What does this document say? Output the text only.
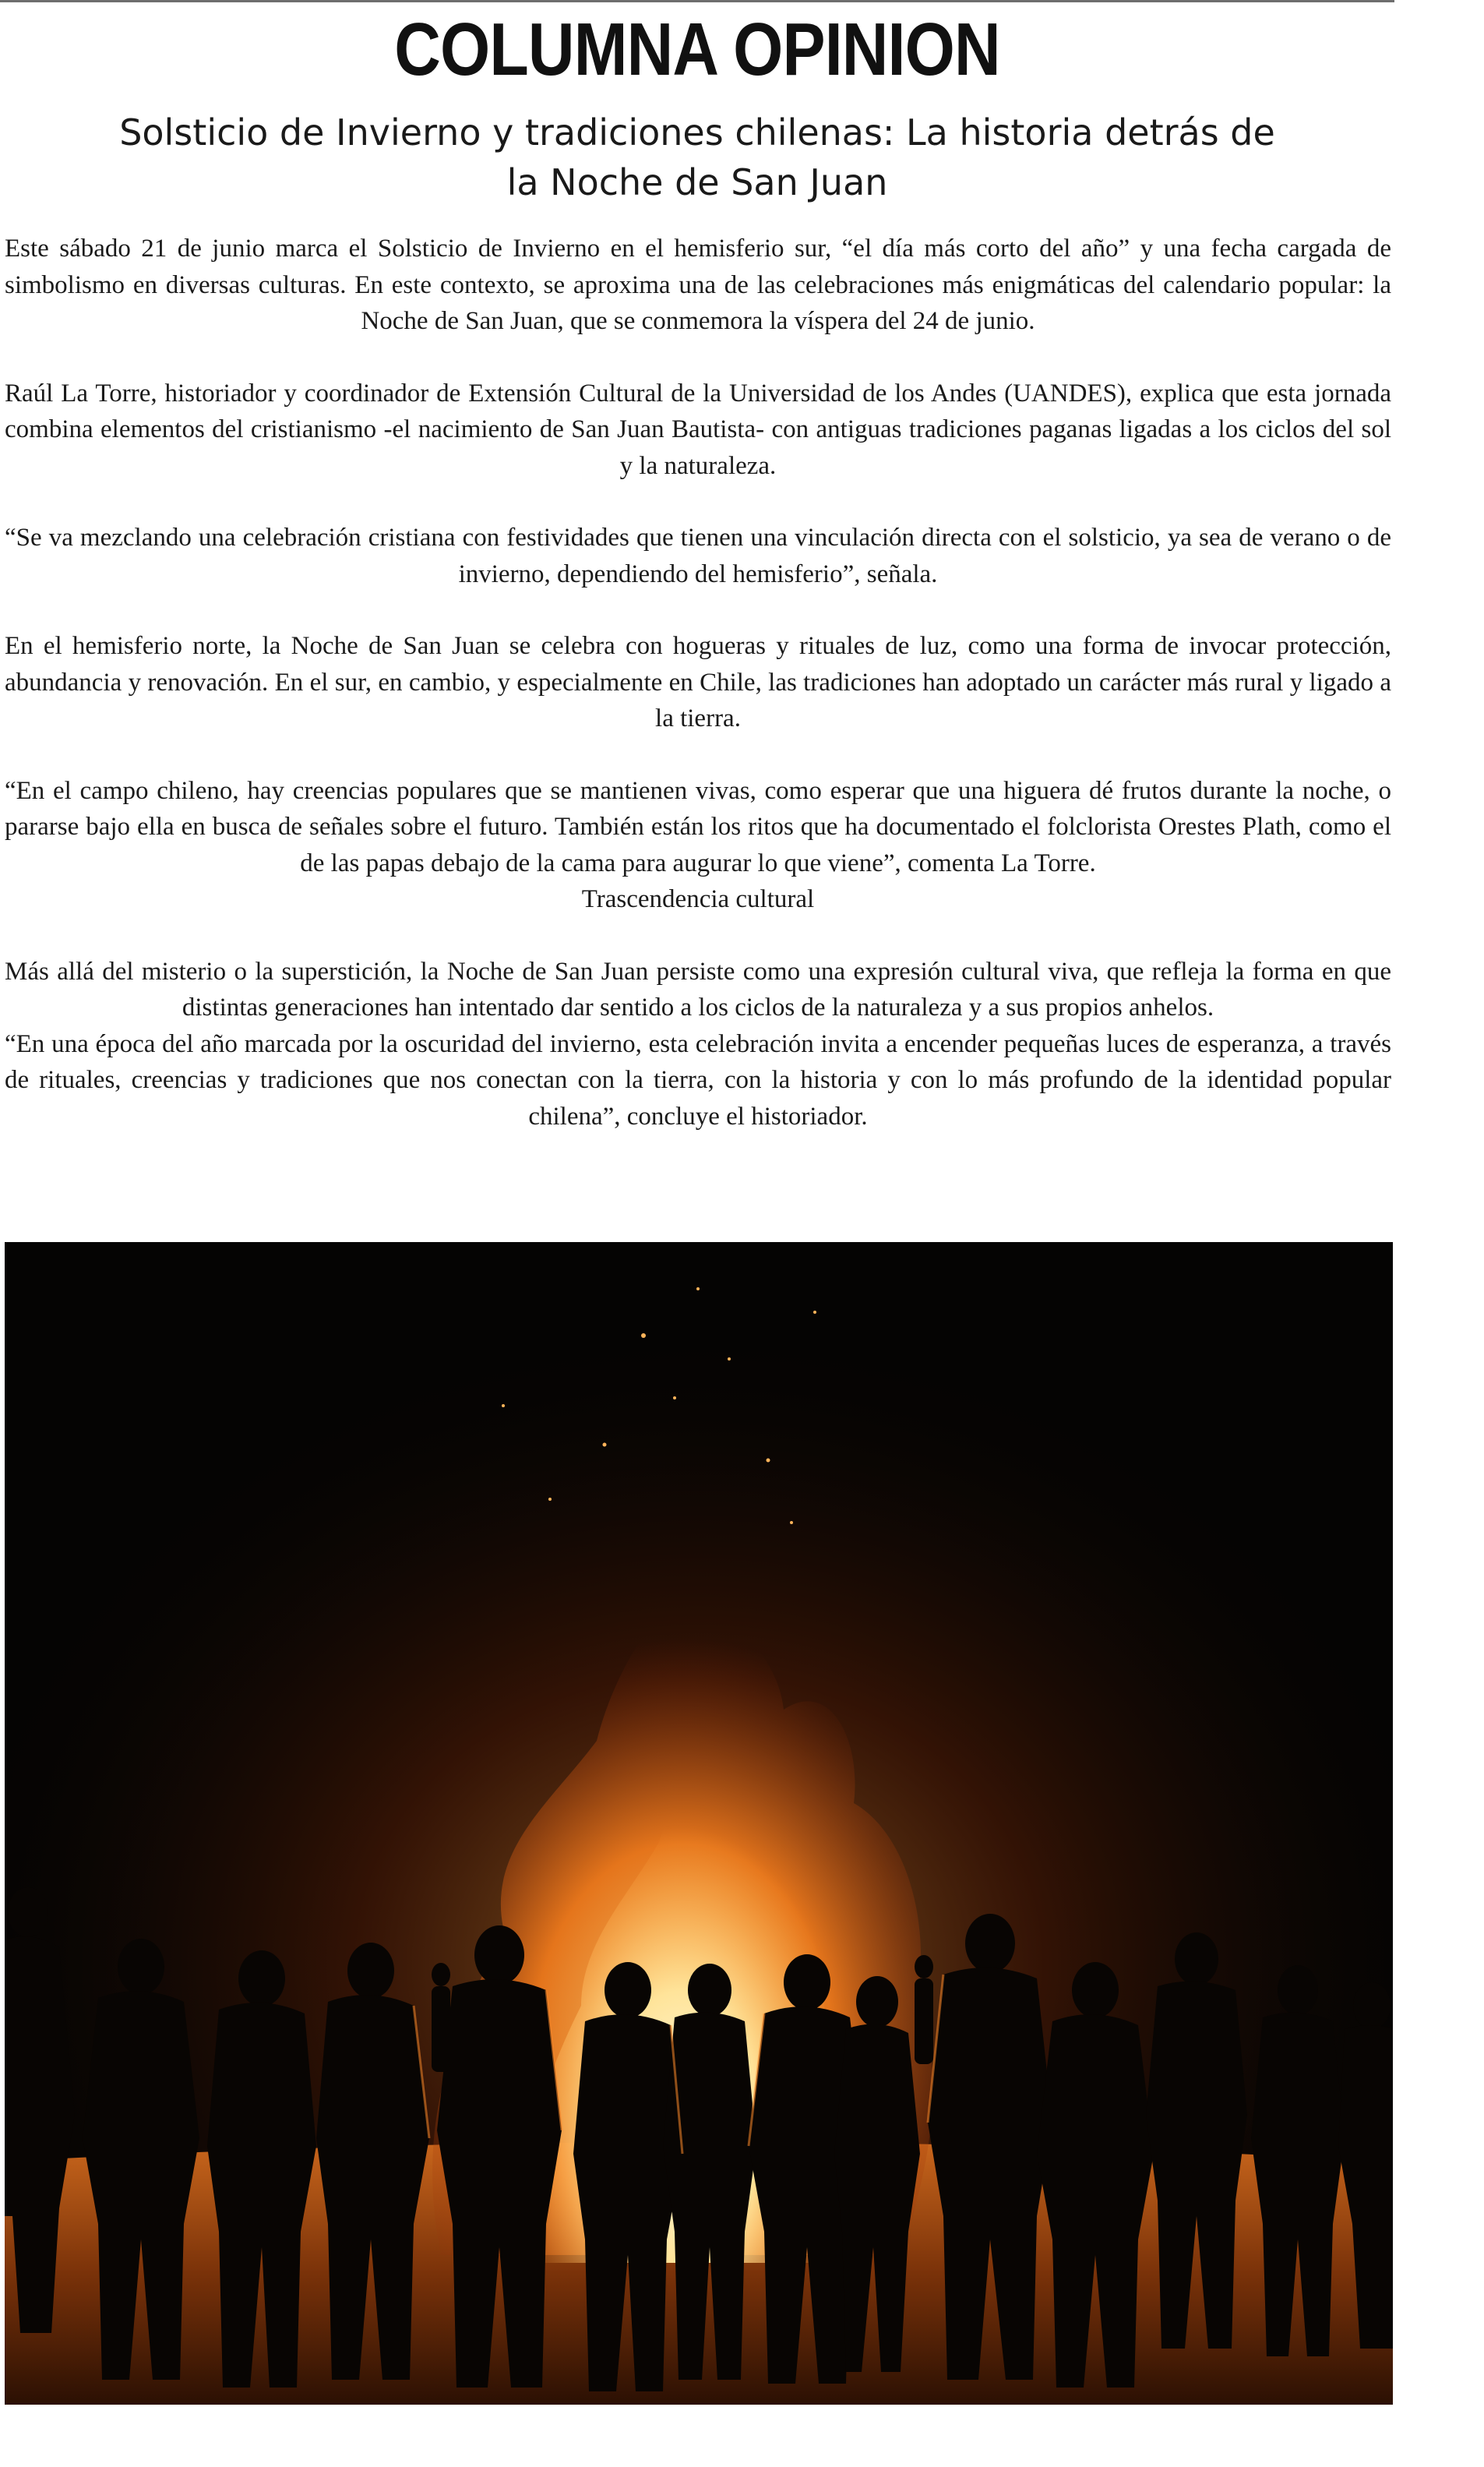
COLUMNA OPINION
Solsticio de Invierno y tradiciones chilenas: La historia detrás de
la Noche de San Juan

Este sábado 21 de junio marca el Solsticio de Invierno en el hemisferio sur, “el día más corto del año” y una fecha cargada de simbolismo en diversas culturas. En este contexto, se aproxima una de las celebraciones más enigmáticas del calendario popular: la Noche de San Juan, que se conmemora la víspera del 24 de junio.

Raúl La Torre, historiador y coordinador de Extensión Cultural de la Universidad de los Andes (UANDES), explica que esta jornada combina elementos del cristianismo -el nacimiento de San Juan Bautista- con antiguas tradiciones paganas ligadas a los ciclos del sol y la naturaleza.

“Se va mezclando una celebración cristiana con festividades que tienen una vinculación directa con el solsticio, ya sea de verano o de invierno, dependiendo del hemisferio”, señala.

En el hemisferio norte, la Noche de San Juan se celebra con hogueras y rituales de luz, como una forma de invocar protección, abundancia y renovación. En el sur, en cambio, y especialmente en Chile, las tradiciones han adoptado un carácter más rural y ligado a la tierra.

“En el campo chileno, hay creencias populares que se mantienen vivas, como esperar que una higuera dé frutos durante la noche, o pararse bajo ella en busca de señales sobre el futuro. También están los ritos que ha documentado el folclorista Orestes Plath, como el de las papas debajo de la cama para augurar lo que viene”, comenta La Torre.

Trascendencia cultural

Más allá del misterio o la superstición, la Noche de San Juan persiste como una expresión cultural viva, que refleja la forma en que distintas generaciones han intentado dar sentido a los ciclos de la naturaleza y a sus propios anhelos.

“En una época del año marcada por la oscuridad del invierno, esta celebración invita a encender pequeñas luces de esperanza, a través de rituales, creencias y tradiciones que nos conectan con la tierra, con la historia y con lo más profundo de la identidad popular chilena”, concluye el historiador.
